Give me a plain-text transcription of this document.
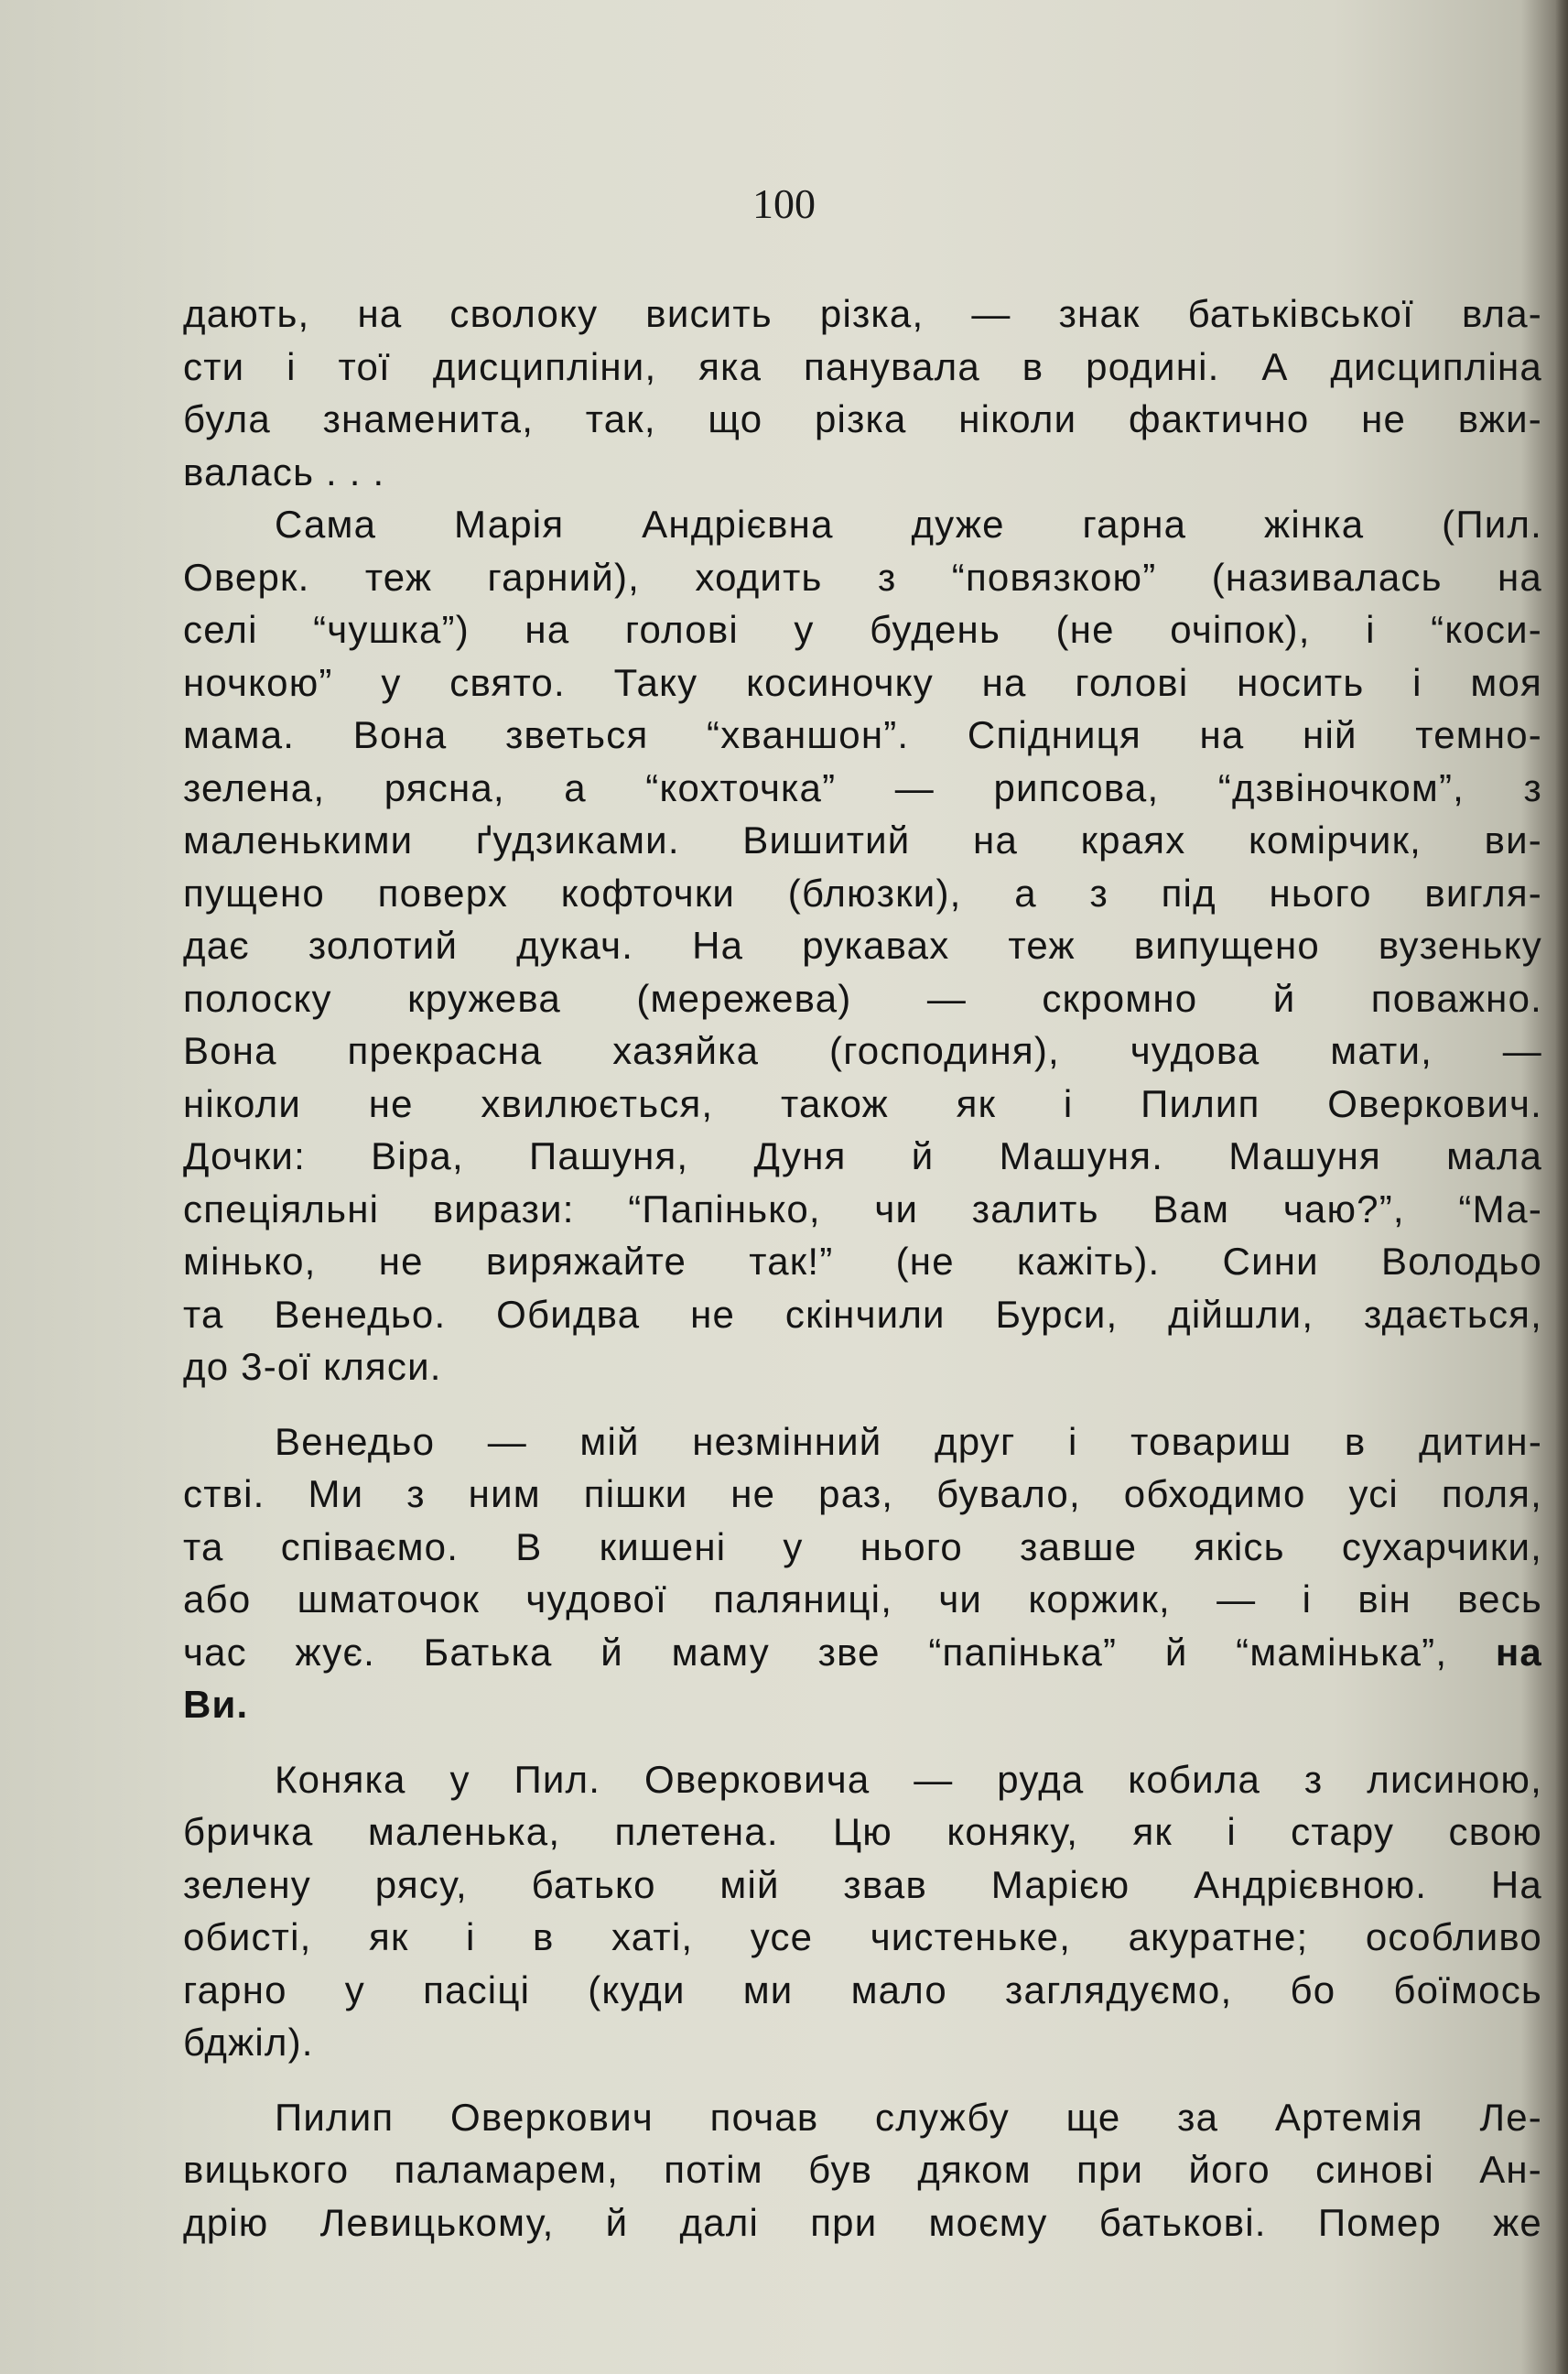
100

дають, на сволоку висить різка, — знак батьківської вла-
сти і тої дисципліни, яка панувала в родині. А дисципліна
була знаменита, так, що різка ніколи фактично не вжи-
валась . . .

Сама Марія Андрієвна дуже гарна жінка (Пил.
Оверк. теж гарний), ходить з “повязкою” (називалась на
селі “чушка”) на голові у будень (не очіпок), і “коси-
ночкою” у свято. Таку косиночку на голові носить і моя
мама. Вона зветься “хваншон”. Спідниця на ній темно-
зелена, рясна, а “кохточка” — рипсова, “дзвіночком”, з
маленькими ґудзиками. Вишитий на краях комірчик, ви-
пущено поверх кофточки (блюзки), а з під нього вигля-
дає золотий дукач. На рукавах теж випущено вузеньку
полоску кружева (мережева) — скромно й поважно.
Вона прекрасна хазяйка (господиня), чудова мати, —
ніколи не хвилюється, також як і Пилип Оверкович.
Дочки: Віра, Пашуня, Дуня й Машуня. Машуня мала
спеціяльні вирази: “Папінько, чи залить Вам чаю?”, “Ма-
мінько, не виряжайте так!” (не кажіть). Сини Володьо
та Венедьо. Обидва не скінчили Бурси, дійшли, здається,
до 3-ої кляси.

Венедьо — мій незмінний друг і товариш в дитин-
стві. Ми з ним пішки не раз, бувало, обходимо усі поля,
та співаємо. В кишені у нього завше якісь сухарчики,
або шматочок чудової паляниці, чи коржик, — і він весь
час жує. Батька й маму зве “папінька” й “мамінька”, на
Ви.

Коняка у Пил. Оверковича — руда кобила з лисиною,
бричка маленька, плетена. Цю коняку, як і стару свою
зелену рясу, батько мій звав Марією Андрієвною. На
обисті, як і в хаті, усе чистеньке, акуратне; особливо
гарно у пасіці (куди ми мало заглядуємо, бо боїмось
бджіл).

Пилип Оверкович почав службу ще за Артемія Ле-
вицького паламарем, потім був дяком при його синові Ан-
дрію Левицькому, й далі при моєму батькові. Помер же
